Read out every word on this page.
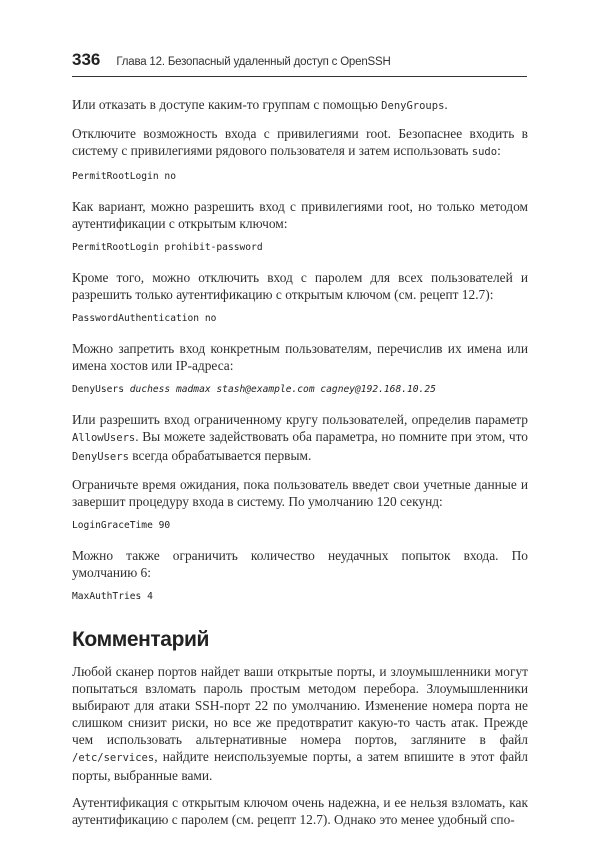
336 Глава 12. Безопасный удаленный доступ с OpenSSH

Или отказать в доступе каким-то группам с помощью DenyGroups.

Отключите возможность входа с привилегиями root. Безопаснее входить в систему с привилегиями рядового пользователя и затем использовать sudo:

PermitRootLogin no

Как вариант, можно разрешить вход с привилегиями root, но только методом аутентификации с открытым ключом:

PermitRootLogin prohibit-password

Кроме того, можно отключить вход с паролем для всех пользователей и разрешить только аутентификацию с открытым ключом (см. рецепт 12.7):

PasswordAuthentication no

Можно запретить вход конкретным пользователям, перечислив их имена или имена хостов или IP-адреса:

DenyUsers duchess madmax stash@example.com cagney@192.168.10.25

Или разрешить вход ограниченному кругу пользователей, определив параметр AllowUsers. Вы можете задействовать оба параметра, но помните при этом, что DenyUsers всегда обрабатывается первым.

Ограничьте время ожидания, пока пользователь введет свои учетные данные и завершит процедуру входа в систему. По умолчанию 120 секунд:

LoginGraceTime 90

Можно также ограничить количество неудачных попыток входа. По умолчанию 6:

MaxAuthTries 4
Комментарий

Любой сканер портов найдет ваши открытые порты, и злоумышленники могут попытаться взломать пароль простым методом перебора. Злоумышленники выбирают для атаки SSH-порт 22 по умолчанию. Изменение номера порта не слишком снизит риски, но все же предотвратит какую-то часть атак. Прежде чем использовать альтернативные номера портов, загляните в файл /etc/services, найдите неиспользуемые порты, а затем впишите в этот файл порты, выбранные вами.

Аутентификация с открытым ключом очень надежна, и ее нельзя взломать, как аутентификацию с паролем (см. рецепт 12.7). Однако это менее удобный спо-
